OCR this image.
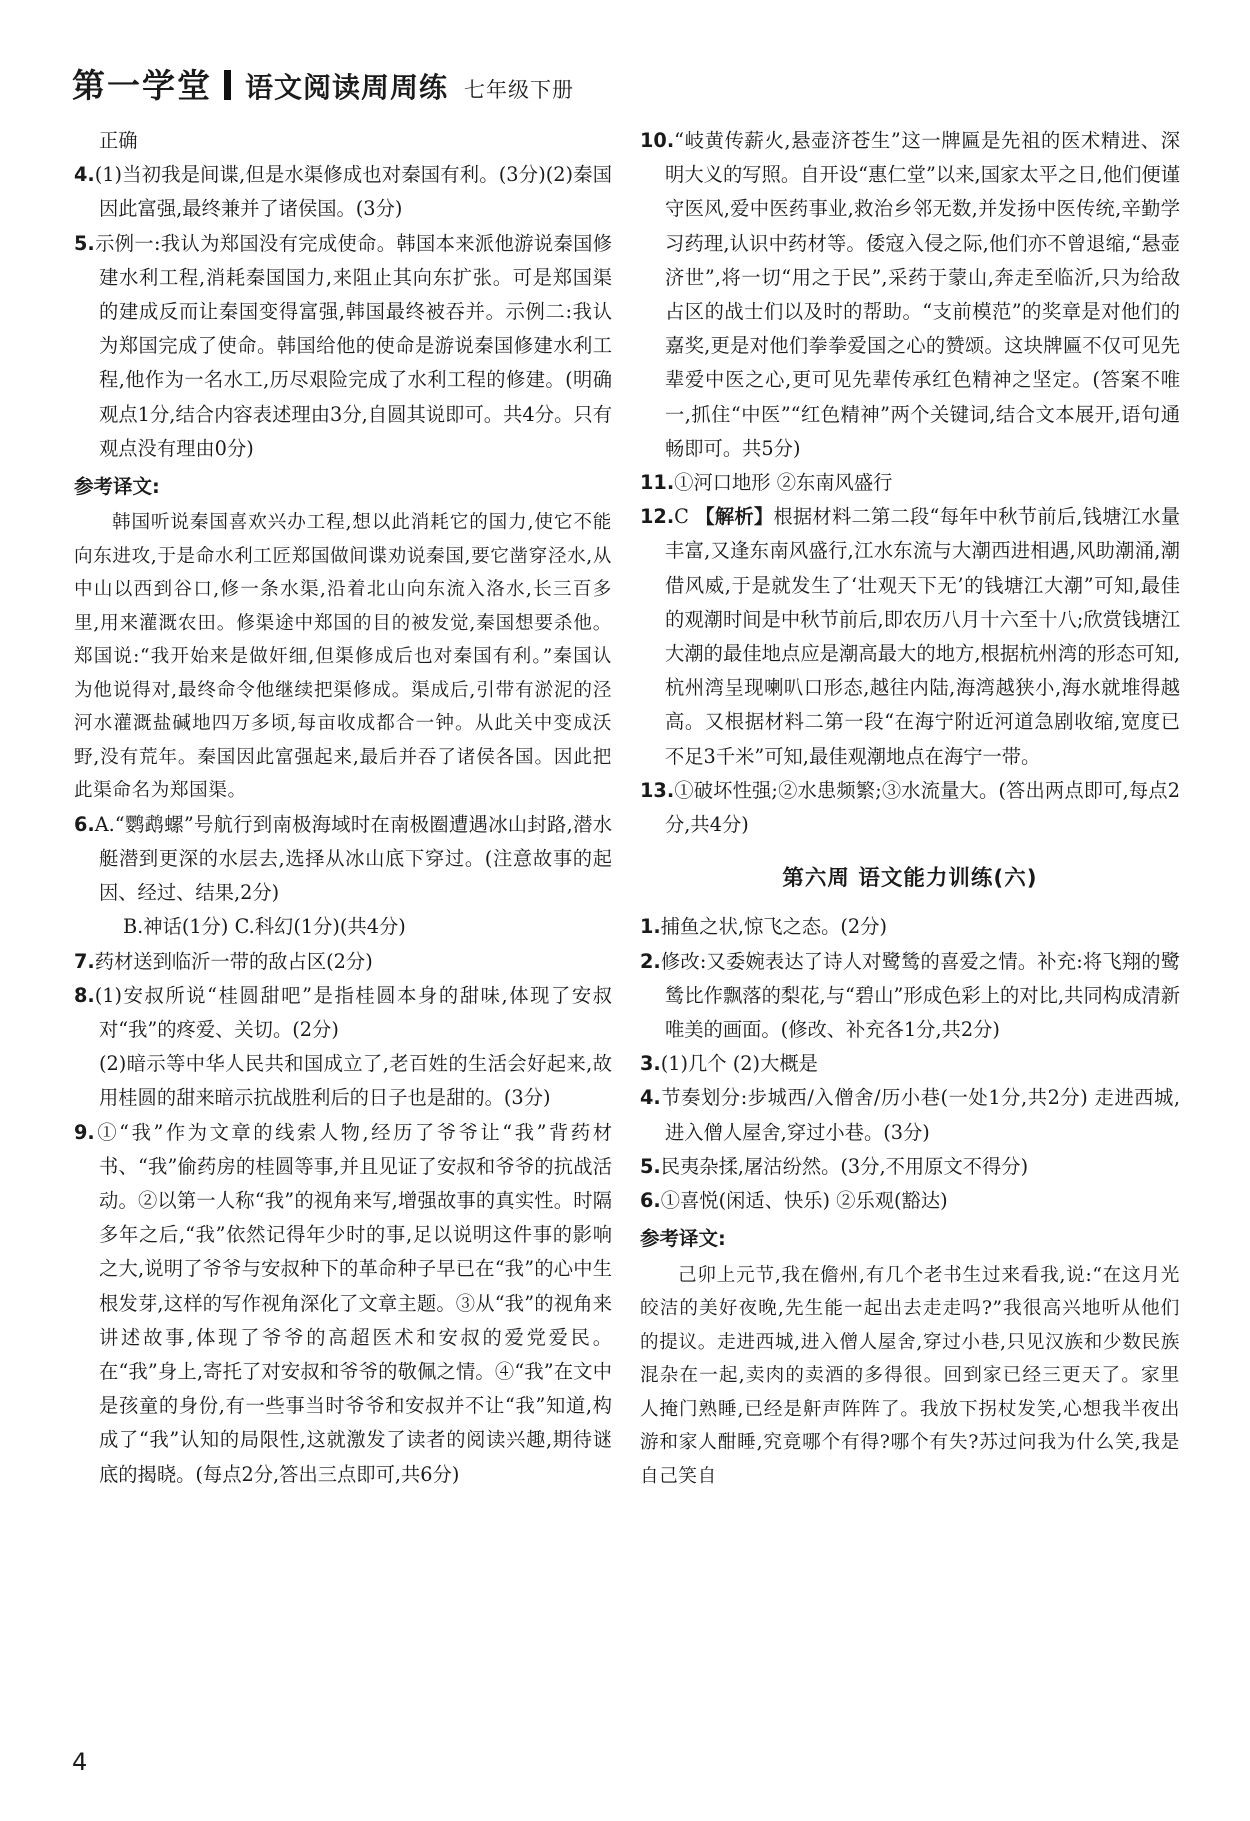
第一学堂 语文阅读周周练 七年级下册

正确

4.(1)当初我是间谍,但是水渠修成也对秦国有利。(3分)(2)秦国因此富强,最终兼并了诸侯国。(3分)

5.示例一:我认为郑国没有完成使命。韩国本来派他游说秦国修建水利工程,消耗秦国国力,来阻止其向东扩张。可是郑国渠的建成反而让秦国变得富强,韩国最终被吞并。示例二:我认为郑国完成了使命。韩国给他的使命是游说秦国修建水利工程,他作为一名水工,历尽艰险完成了水利工程的修建。(明确观点1分,结合内容表述理由3分,自圆其说即可。共4分。只有观点没有理由0分)

参考译文:

韩国听说秦国喜欢兴办工程,想以此消耗它的国力,使它不能向东进攻,于是命水利工匠郑国做间谍劝说秦国,要它凿穿泾水,从中山以西到谷口,修一条水渠,沿着北山向东流入洛水,长三百多里,用来灌溉农田。修渠途中郑国的目的被发觉,秦国想要杀他。郑国说:“我开始来是做奸细,但渠修成后也对秦国有利。”秦国认为他说得对,最终命令他继续把渠修成。渠成后,引带有淤泥的泾河水灌溉盐碱地四万多顷,每亩收成都合一钟。从此关中变成沃野,没有荒年。秦国因此富强起来,最后并吞了诸侯各国。因此把此渠命名为郑国渠。

6.A.“鹦鹉螺”号航行到南极海域时在南极圈遭遇冰山封路,潜水艇潜到更深的水层去,选择从冰山底下穿过。(注意故事的起因、经过、结果,2分)

B.神话(1分) C.科幻(1分)(共4分)

7.药材送到临沂一带的敌占区(2分)

8.(1)安叔所说“桂圆甜吧”是指桂圆本身的甜味,体现了安叔对“我”的疼爱、关切。(2分)

(2)暗示等中华人民共和国成立了,老百姓的生活会好起来,故用桂圆的甜来暗示抗战胜利后的日子也是甜的。(3分)

9.①“我”作为文章的线索人物,经历了爷爷让“我”背药材书、“我”偷药房的桂圆等事,并且见证了安叔和爷爷的抗战活动。②以第一人称“我”的视角来写,增强故事的真实性。时隔多年之后,“我”依然记得年少时的事,足以说明这件事的影响之大,说明了爷爷与安叔种下的革命种子早已在“我”的心中生根发芽,这样的写作视角深化了文章主题。③从“我”的视角来讲述故事,体现了爷爷的高超医术和安叔的爱党爱民。在“我”身上,寄托了对安叔和爷爷的敬佩之情。④“我”在文中是孩童的身份,有一些事当时爷爷和安叔并不让“我”知道,构成了“我”认知的局限性,这就激发了读者的阅读兴趣,期待谜底的揭晓。(每点2分,答出三点即可,共6分)

10.“岐黄传薪火,悬壶济苍生”这一牌匾是先祖的医术精进、深明大义的写照。自开设“惠仁堂”以来,国家太平之日,他们便谨守医风,爱中医药事业,救治乡邻无数,并发扬中医传统,辛勤学习药理,认识中药材等。倭寇入侵之际,他们亦不曾退缩,“悬壶济世”,将一切“用之于民”,采药于蒙山,奔走至临沂,只为给敌占区的战士们以及时的帮助。“支前模范”的奖章是对他们的嘉奖,更是对他们拳拳爱国之心的赞颂。这块牌匾不仅可见先辈爱中医之心,更可见先辈传承红色精神之坚定。(答案不唯一,抓住“中医”“红色精神”两个关键词,结合文本展开,语句通畅即可。共5分)

11.①河口地形 ②东南风盛行

12.C 【解析】根据材料二第二段“每年中秋节前后,钱塘江水量丰富,又逢东南风盛行,江水东流与大潮西进相遇,风助潮涌,潮借风威,于是就发生了‘壮观天下无’的钱塘江大潮”可知,最佳的观潮时间是中秋节前后,即农历八月十六至十八;欣赏钱塘江大潮的最佳地点应是潮高最大的地方,根据杭州湾的形态可知,杭州湾呈现喇叭口形态,越往内陆,海湾越狭小,海水就堆得越高。又根据材料二第一段“在海宁附近河道急剧收缩,宽度已不足3千米”可知,最佳观潮地点在海宁一带。

13.①破坏性强;②水患频繁;③水流量大。(答出两点即可,每点2分,共4分)

第六周 语文能力训练(六)

1.捕鱼之状,惊飞之态。(2分)

2.修改:又委婉表达了诗人对鹭鸶的喜爱之情。补充:将飞翔的鹭鸶比作飘落的梨花,与“碧山”形成色彩上的对比,共同构成清新唯美的画面。(修改、补充各1分,共2分)

3.(1)几个 (2)大概是

4.节奏划分:步城西/入僧舍/历小巷(一处1分,共2分) 走进西城,进入僧人屋舍,穿过小巷。(3分)

5.民夷杂揉,屠沽纷然。(3分,不用原文不得分)

6.①喜悦(闲适、快乐) ②乐观(豁达)

参考译文:

己卯上元节,我在儋州,有几个老书生过来看我,说:“在这月光皎洁的美好夜晚,先生能一起出去走走吗?”我很高兴地听从他们的提议。走进西城,进入僧人屋舍,穿过小巷,只见汉族和少数民族混杂在一起,卖肉的卖酒的多得很。回到家已经三更天了。家里人掩门熟睡,已经是鼾声阵阵了。我放下拐杖发笑,心想我半夜出游和家人酣睡,究竟哪个有得?哪个有失?苏过问我为什么笑,我是自己笑自

4
